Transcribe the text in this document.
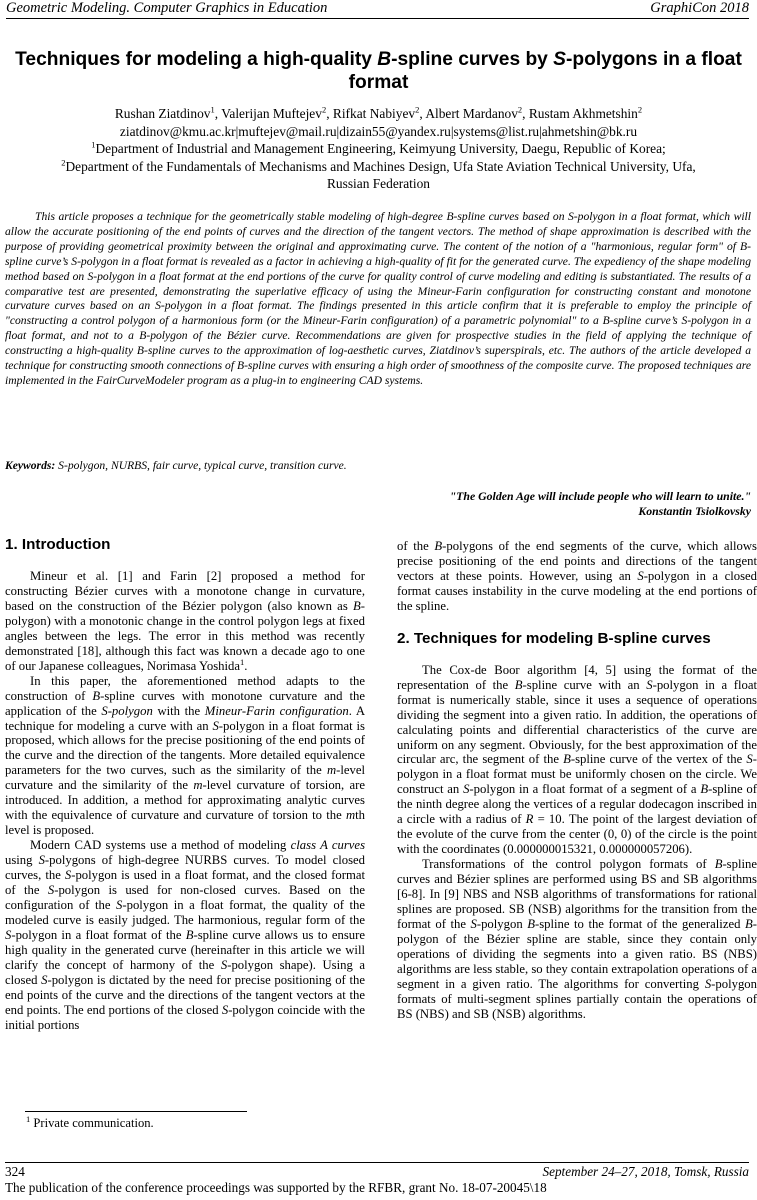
Geometric Modeling. Computer Graphics in Education	GraphiCon 2018
Techniques for modeling a high-quality B-spline curves by S-polygons in a float format
Rushan Ziatdinov$^1$, Valerijan Muftejev$^2$, Rifkat Nabiyev$^2$, Albert Mardanov$^2$, Rustam Akhmetshin$^2$
ziatdinov@kmu.ac.kr|muftejev@mail.ru|dizain55@yandex.ru|systems@list.ru|ahmetshin@bk.ru
$^1$Department of Industrial and Management Engineering, Keimyung University, Daegu, Republic of Korea;
$^2$Department of the Fundamentals of Mechanisms and Machines Design, Ufa State Aviation Technical University, Ufa,
Russian Federation
This article proposes a technique for the geometrically stable modeling of high-degree B-spline curves based on S-polygon in a float format, which will allow the accurate positioning of the end points of curves and the direction of the tangent vectors. The method of shape approximation is described with the purpose of providing geometrical proximity between the original and approximating curve. The content of the notion of a "harmonious, regular form" of B-spline curve’s S-polygon in a float format is revealed as a factor in achieving a high-quality of fit for the generated curve. The expediency of the shape modeling method based on S-polygon in a float format at the end portions of the curve for quality control of curve modeling and editing is substantiated. The results of a comparative test are presented, demonstrating the superlative efficacy of using the Mineur-Farin configuration for constructing constant and monotone curvature curves based on an S-polygon in a float format. The findings presented in this article confirm that it is preferable to employ the principle of "constructing a control polygon of a harmonious form (or the Mineur-Farin configuration) of a parametric polynomial" to a B-spline curve’s S-polygon in a float format, and not to a B-polygon of the Bézier curve. Recommendations are given for prospective studies in the field of applying the technique of constructing a high-quality B-spline curves to the approximation of log-aesthetic curves, Ziatdinov’s superspirals, etc. The authors of the article developed a technique for constructing smooth connections of B-spline curves with ensuring a high order of smoothness of the composite curve. The proposed techniques are implemented in the FairCurveModeler program as a plug-in to engineering CAD systems.
Keywords: S-polygon, NURBS, fair curve, typical curve, transition curve.
"The Golden Age will include people who will learn to unite."
Konstantin Tsiolkovsky
1. Introduction

Mineur et al. [1] and Farin [2] proposed a method for constructing Bézier curves with a monotone change in curvature, based on the construction of the Bézier polygon (also known as B-polygon) with a monotonic change in the control polygon legs at fixed angles between the legs. The error in this method was recently demonstrated [18], although this fact was known a decade ago to one of our Japanese colleagues, Norimasa Yoshida$^1$.

In this paper, the aforementioned method adapts to the construction of B-spline curves with monotone curvature and the application of the S-polygon with the Mineur-Farin configuration. A technique for modeling a curve with an S-polygon in a float format is proposed, which allows for the precise positioning of the end points of the curve and the direction of the tangents. More detailed equivalence parameters for the two curves, such as the similarity of the m-level curvature and the similarity of the m-level curvature of torsion, are introduced. In addition, a method for approximating analytic curves with the equivalence of curvature and curvature of torsion to the mth level is proposed.

Modern CAD systems use a method of modeling class A curves using S-polygons of high-degree NURBS curves. To model closed curves, the S-polygon is used in a float format, and the closed format of the S-polygon is used for non-closed curves. Based on the configuration of the S-polygon in a float format, the quality of the modeled curve is easily judged. The harmonious, regular form of the S-polygon in a float format of the B-spline curve allows us to ensure high quality in the generated curve (hereinafter in this article we will clarify the concept of harmony of the S-polygon shape). Using a closed S-polygon is dictated by the need for precise positioning of the end points of the curve and the directions of the tangent vectors at the end points. The end portions of the closed S-polygon coincide with the initial portions

of the B-polygons of the end segments of the curve, which allows precise positioning of the end points and directions of the tangent vectors at these points. However, using an S-polygon in a closed format causes instability in the curve modeling at the end portions of the spline.

2. Techniques for modeling B-spline curves

The Cox-de Boor algorithm [4, 5] using the format of the representation of the B-spline curve with an S-polygon in a float format is numerically stable, since it uses a sequence of operations dividing the segment into a given ratio. In addition, the operations of calculating points and differential characteristics of the curve are uniform on any segment. Obviously, for the best approximation of the circular arc, the segment of the B-spline curve of the vertex of the S-polygon in a float format must be uniformly chosen on the circle. We construct an S-polygon in a float format of a segment of a B-spline of the ninth degree along the vertices of a regular dodecagon inscribed in a circle with a radius of R = 10. The point of the largest deviation of the evolute of the curve from the center (0, 0) of the circle is the point with the coordinates (0.000000015321, 0.000000057206).

Transformations of the control polygon formats of B-spline curves and Bézier splines are performed using BS and SB algorithms [6-8]. In [9] NBS and NSB algorithms of transformations for rational splines are proposed. SB (NSB) algorithms for the transition from the format of the S-polygon B-spline to the format of the generalized B-polygon of the Bézier spline are stable, since they contain only operations of dividing the segments into a given ratio. BS (NBS) algorithms are less stable, so they contain extrapolation operations of a segment in a given ratio. The algorithms for converting S-polygon formats of multi-segment splines partially contain the operations of BS (NBS) and SB (NSB) algorithms.

$^1$ Private communication.
324	September 24–27, 2018, Tomsk, Russia
The publication of the conference proceedings was supported by the RFBR, grant No. 18-07-20045\18
